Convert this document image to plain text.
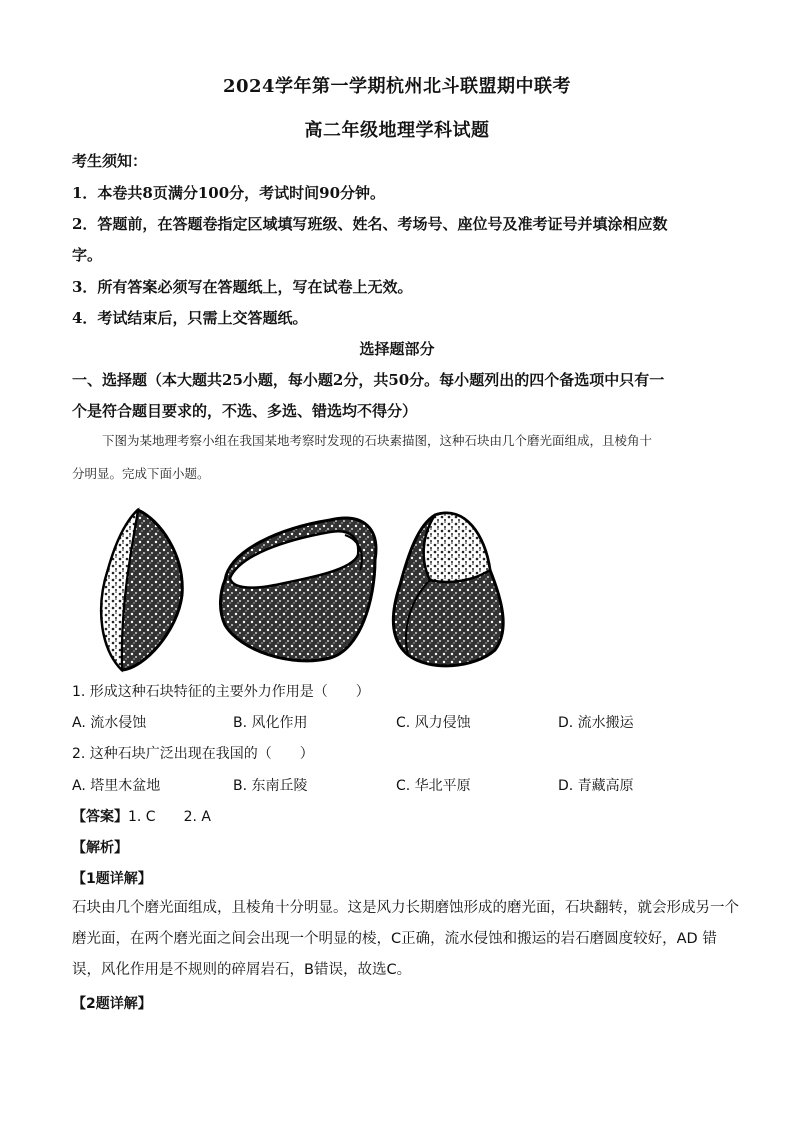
2024学年第一学期杭州北斗联盟期中联考
高二年级地理学科试题
考生须知：
1．本卷共8页满分100分，考试时间90分钟。
2．答题前，在答题卷指定区域填写班级、姓名、考场号、座位号及准考证号并填涂相应数
字。
3．所有答案必须写在答题纸上，写在试卷上无效。
4．考试结束后，只需上交答题纸。
选择题部分
一、选择题（本大题共25小题，每小题2分，共50分。每小题列出的四个备选项中只有一
个是符合题目要求的，不选、多选、错选均不得分）
下图为某地理考察小组在我国某地考察时发现的石块素描图，这种石块由几个磨光面组成，且棱角十
分明显。完成下面小题。
1. 形成这种石块特征的主要外力作用是（　　）
A. 流水侵蚀	B. 风化作用	C. 风力侵蚀	D. 流水搬运
2. 这种石块广泛出现在我国的（　　）
A. 塔里木盆地	B. 东南丘陵	C. 华北平原	D. 青藏高原
【答案】1. C　　2. A
【解析】
【1题详解】
石块由几个磨光面组成，且棱角十分明显。这是风力长期磨蚀形成的磨光面，石块翻转，就会形成另一个
磨光面，在两个磨光面之间会出现一个明显的棱，C正确，流水侵蚀和搬运的岩石磨圆度较好，AD 错
误，风化作用是不规则的碎屑岩石，B错误，故选C。
【2题详解】
